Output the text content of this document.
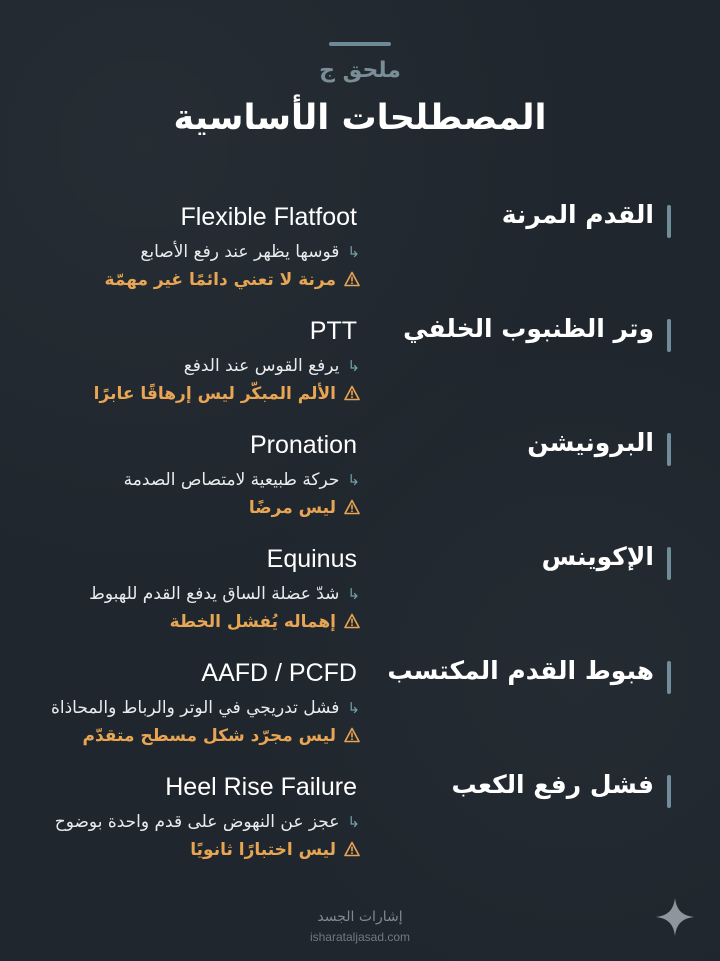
ملحق ج
المصطلحات الأساسية
القدم المرنة
Flexible Flatfoot
↳قوسها يظهر عند رفع الأصابع
مرنة لا تعني دائمًا غير مهمّة
وتر الظنبوب الخلفي
PTT
↳يرفع القوس عند الدفع
الألم المبكّر ليس إرهاقًا عابرًا
البرونيشن
Pronation
↳حركة طبيعية لامتصاص الصدمة
ليس مرضًا
الإكوينس
Equinus
↳شدّ عضلة الساق يدفع القدم للهبوط
إهماله يُفشل الخطة
هبوط القدم المكتسب
AAFD / PCFD
↳فشل تدريجي في الوتر والرباط والمحاذاة
ليس مجرّد شكل مسطح متقدّم
فشل رفع الكعب
Heel Rise Failure
↳عجز عن النهوض على قدم واحدة بوضوح
ليس اختبارًا ثانويًا
إشارات الجسد
isharataljasad.com
